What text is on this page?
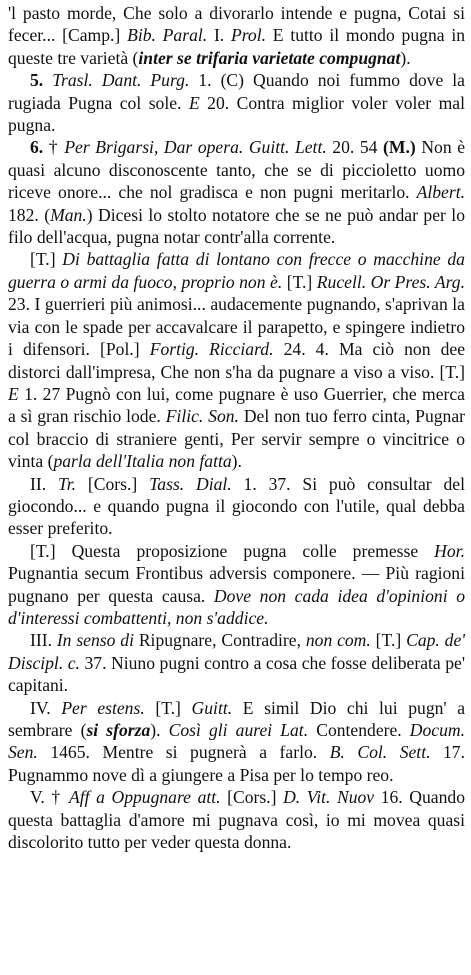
'l pasto morde, Che solo a divorarlo intende e pugna, Cotai si fecer... [Camp.] Bib. Paral. I. Prol. E tutto il mondo pugna in queste tre varietà (inter se trifaria varietate compugnat).

5. Trasl. Dant. Purg. 1. (C) Quando noi fummo dove la rugiada Pugna col sole. E 20. Contra miglior voler voler mal pugna.

6. † Per Brigarsi, Dar opera. Guitt. Lett. 20. 54 (M.) Non è quasi alcuno disconoscente tanto, che se di piccioletto uomo riceve onore... che nol gradisca e non pugni meritarlo. Albert. 182. (Man.) Dicesi lo stolto notatore che se ne può andar per lo filo dell'acqua, pugna notar contr'alla corrente.

[T.] Di battaglia fatta di lontano con frecce o macchine da guerra o armi da fuoco, proprio non è. [T.] Rucell. Or Pres. Arg. 23. I guerrieri più animosi... audacemente pugnando, s'aprivan la via con le spade per accavalcare il parapetto, e spingere indietro i difensori. [Pol.] Fortig. Ricciard. 24. 4. Ma ciò non dee distorci dall'impresa, Che non s'ha da pugnare a viso a viso. [T.] E 1. 27 Pugnò con lui, come pugnare è uso Guerrier, che merca a sì gran rischio lode. Filic. Son. Del non tuo ferro cinta, Pugnar col braccio di straniere genti, Per servir sempre o vincitrice o vinta (parla dell'Italia non fatta).

II. Tr. [Cors.] Tass. Dial. 1. 37. Si può consultar del giocondo... e quando pugna il giocondo con l'utile, qual debba esser preferito.

[T.] Questa proposizione pugna colle premesse Hor. Pugnantia secum Frontibus adversis componere. — Più ragioni pugnano per questa causa. Dove non cada idea d'opinioni o d'interessi combattenti, non s'addice.

III. In senso di Ripugnare, Contradire, non com. [T.] Cap. de' Discipl. c. 37. Niuno pugni contro a cosa che fosse deliberata pe' capitani.

IV. Per estens. [T.] Guitt. E simil Dio chi lui pugn' a sembrare (si sforza). Così gli aurei Lat. Contendere. Docum. Sen. 1465. Mentre si pugnerà a farlo. B. Col. Sett. 17. Pugnammo nove dì a giungere a Pisa per lo tempo reo.

V. † Aff a Oppugnare att. [Cors.] D. Vit. Nuov 16. Quando questa battaglia d'amore mi pugnava così, io mi movea quasi discolorito tutto per veder questa donna.
